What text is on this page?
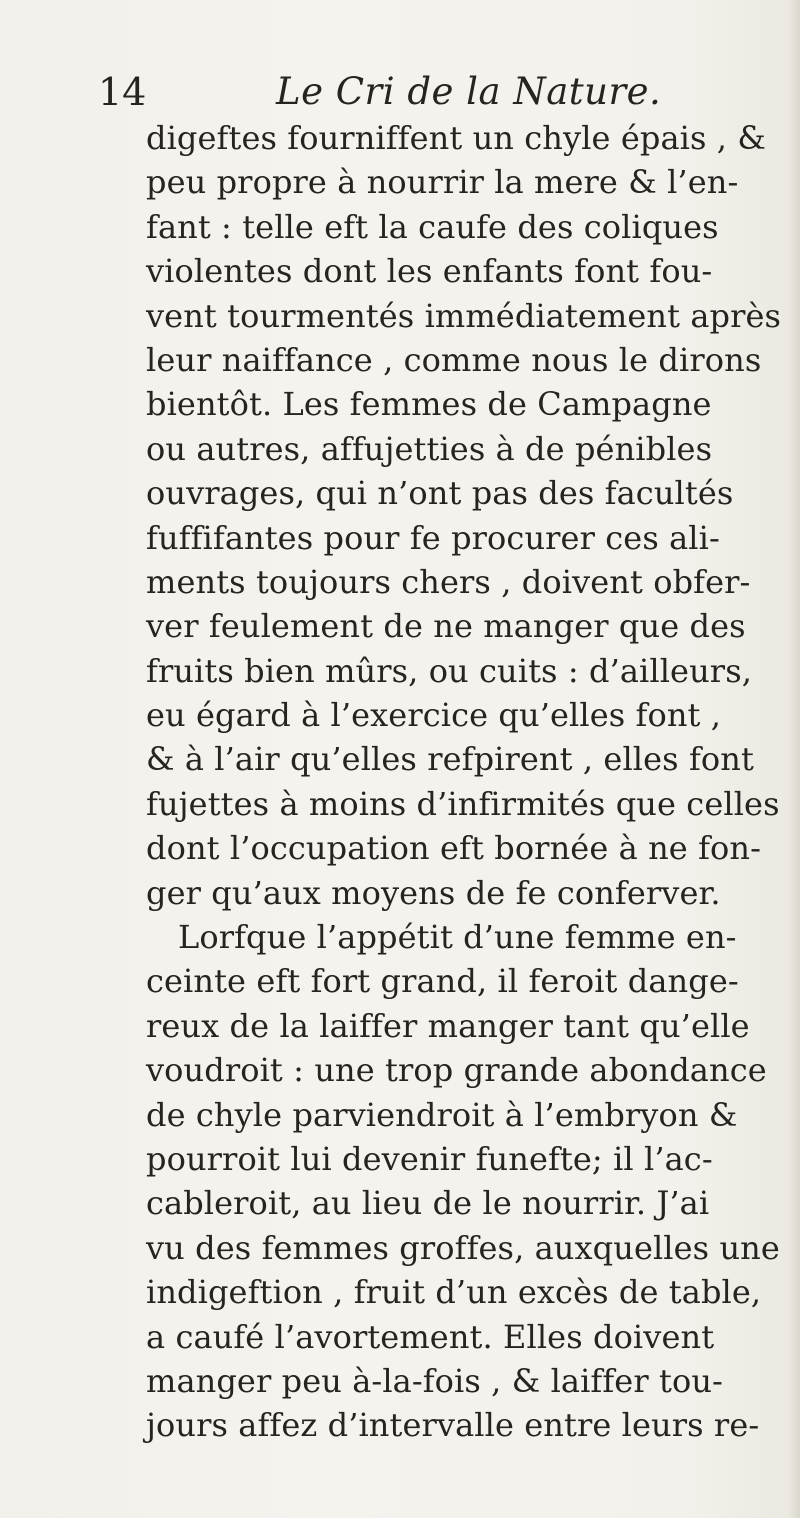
14	Le Cri de la Nature.
digeftes fourniffent un chyle épais , &
peu propre à nourrir la mere & l’en-
fant : telle eft la caufe des coliques
violentes dont les enfants font fou-
vent tourmentés immédiatement après
leur naiffance , comme nous le dirons
bientôt. Les femmes de Campagne
ou autres, affujetties à de pénibles
ouvrages, qui n’ont pas des facultés
fuffifantes pour fe procurer ces ali-
ments toujours chers , doivent obfer-
ver feulement de ne manger que des
fruits bien mûrs, ou cuits : d’ailleurs,
eu égard à l’exercice qu’elles font ,
& à l’air qu’elles refpirent , elles font
fujettes à moins d’infirmités que celles
dont l’occupation eft bornée à ne fon-
ger qu’aux moyens de fe conferver.
Lorfque l’appétit d’une femme en-
ceinte eft fort grand, il feroit dange-
reux de la laiffer manger tant qu’elle
voudroit : une trop grande abondance
de chyle parviendroit à l’embryon &
pourroit lui devenir funefte; il l’ac-
cableroit, au lieu de le nourrir. J’ai
vu des femmes groffes, auxquelles une
indigeftion , fruit d’un excès de table,
a caufé l’avortement. Elles doivent
manger peu à-la-fois , & laiffer tou-
jours affez d’intervalle entre leurs re-
